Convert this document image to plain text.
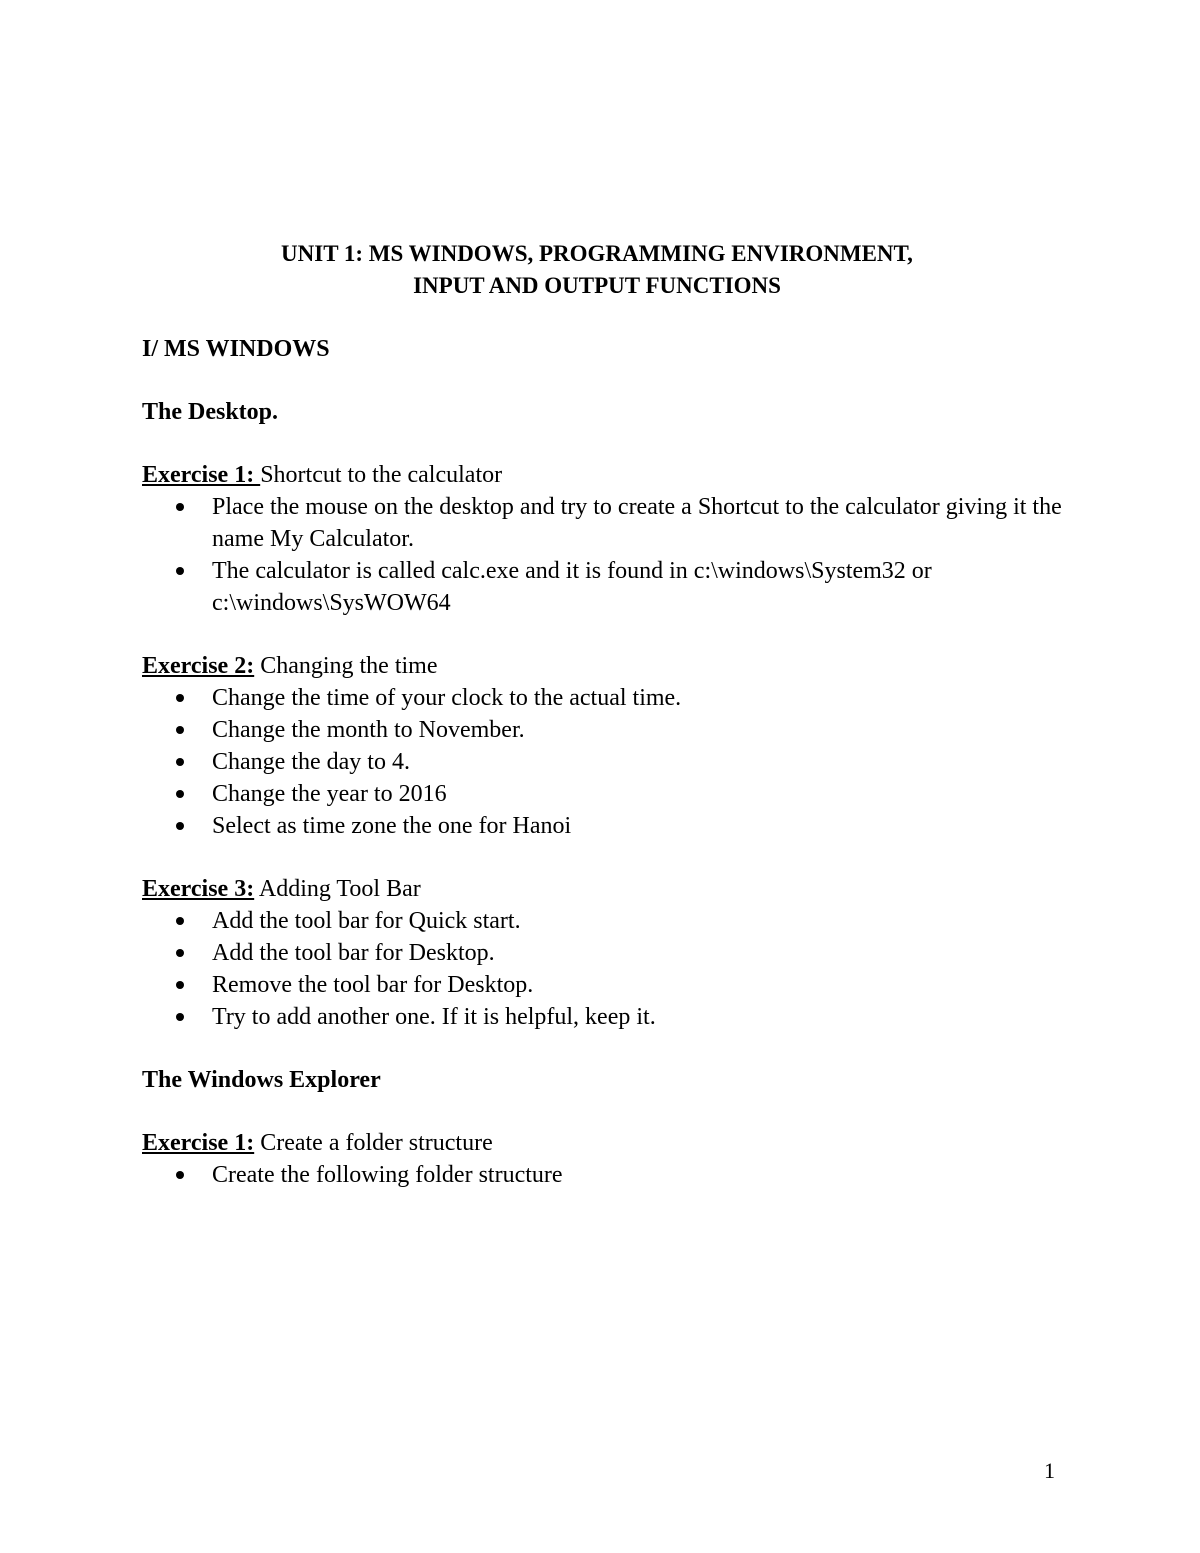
UNIT 1: MS WINDOWS, PROGRAMMING ENVIRONMENT,

INPUT AND OUTPUT FUNCTIONS

I/ MS WINDOWS

The Desktop.

Exercise 1: Shortcut to the calculator

Place the mouse on the desktop and try to create a Shortcut to the calculator giving it the name My Calculator.
The calculator is called calc.exe and it is found in c:\windows\System32 or c:\windows\SysWOW64

Exercise 2: Changing the time

Change the time of your clock to the actual time.
Change the month to November.
Change the day to 4.
Change the year to 2016
Select as time zone the one for Hanoi

Exercise 3: Adding Tool Bar

Add the tool bar for Quick start.
Add the tool bar for Desktop.
Remove the tool bar for Desktop.
Try to add another one. If it is helpful, keep it.

The Windows Explorer

Exercise 1: Create a folder structure

Create the following folder structure
1
